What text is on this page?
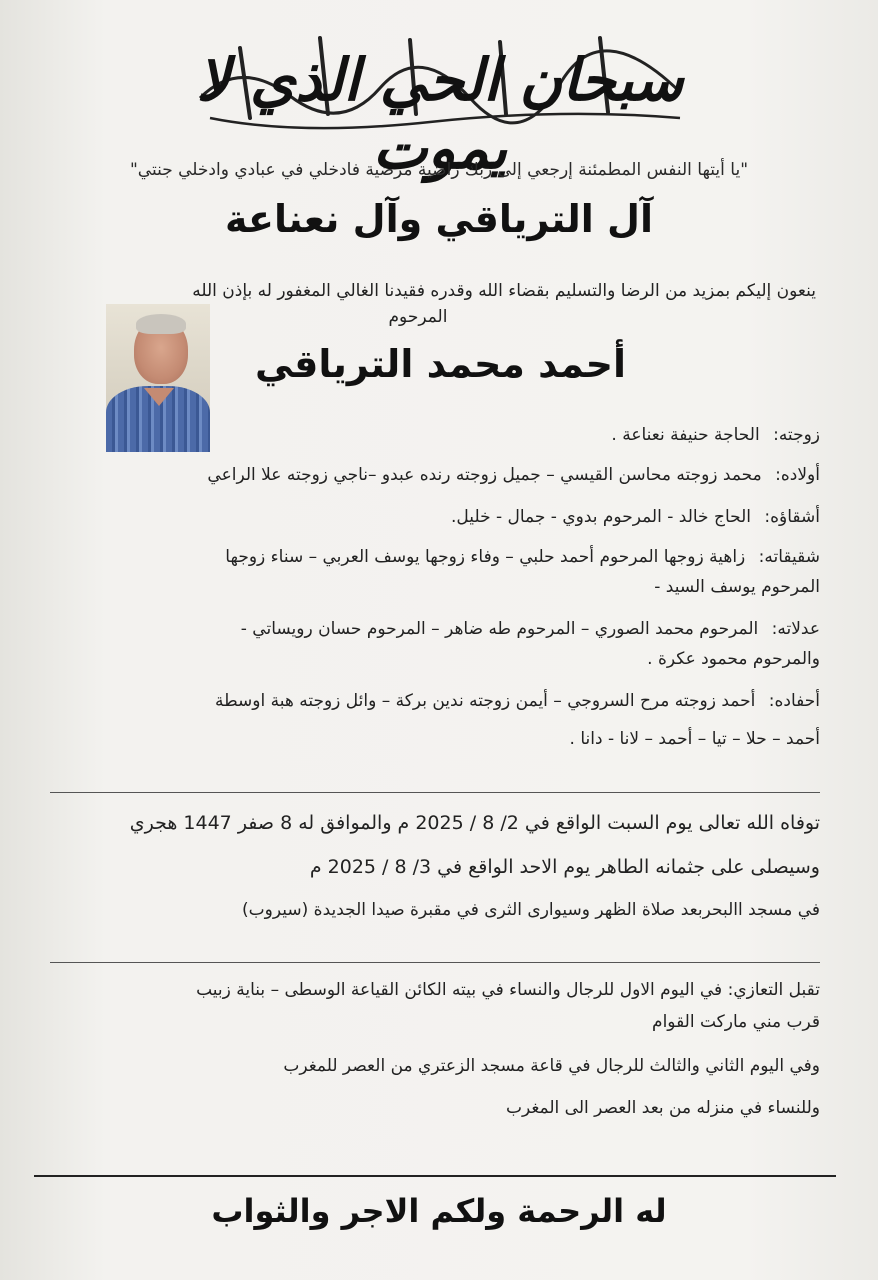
سبحان الحي الذي لا يموت
"يا أيتها النفس المطمئنة إرجعي إلى ربك راضية مرضية فادخلي في عبادي وادخلي جنتي"
آل الترياقي وآل نعناعة
ينعون إليكم بمزيد من الرضا والتسليم بقضاء الله وقدره فقيدنا الغالي المغفور له بإذن الله
المرحوم
أحمد محمد الترياقي
زوجته: الحاجة حنيفة نعناعة .
أولاده: محمد زوجته محاسن القيسي – جميل زوجته رنده عبدو –ناجي زوجته علا الراعي
أشقاؤه: الحاج خالد - المرحوم بدوي - جمال - خليل.
شقيقاته: زاهية زوجها المرحوم أحمد حلبي – وفاء زوجها يوسف العربي – سناء زوجها
المرحوم يوسف السيد -
عدلاته: المرحوم محمد الصوري – المرحوم طه ضاهر – المرحوم حسان رويساتي -
والمرحوم محمود عكرة .
أحفاده: أحمد زوجته مرح السروجي – أيمن زوجته ندين بركة – وائل زوجته هبة اوسطة
أحمد – حلا – تيا – أحمد – لانا - دانا .
توفاه الله تعالى يوم السبت الواقع في 2/ 8 / 2025 م والموافق له 8 صفر 1447 هجري
وسيصلى على جثمانه الطاهر يوم الاحد الواقع في 3/ 8 / 2025 م
في مسجد االبحربعد صلاة الظهر وسيوارى الثرى في مقبرة صيدا الجديدة (سيروب)
تقبل التعازي: في اليوم الاول للرجال والنساء في بيته الكائن القياعة الوسطى – بناية زبيب
قرب مني ماركت القوام
وفي اليوم الثاني والثالث للرجال في قاعة مسجد الزعتري من العصر للمغرب
وللنساء في منزله من بعد العصر الى المغرب
له الرحمة ولكم الاجر والثواب
